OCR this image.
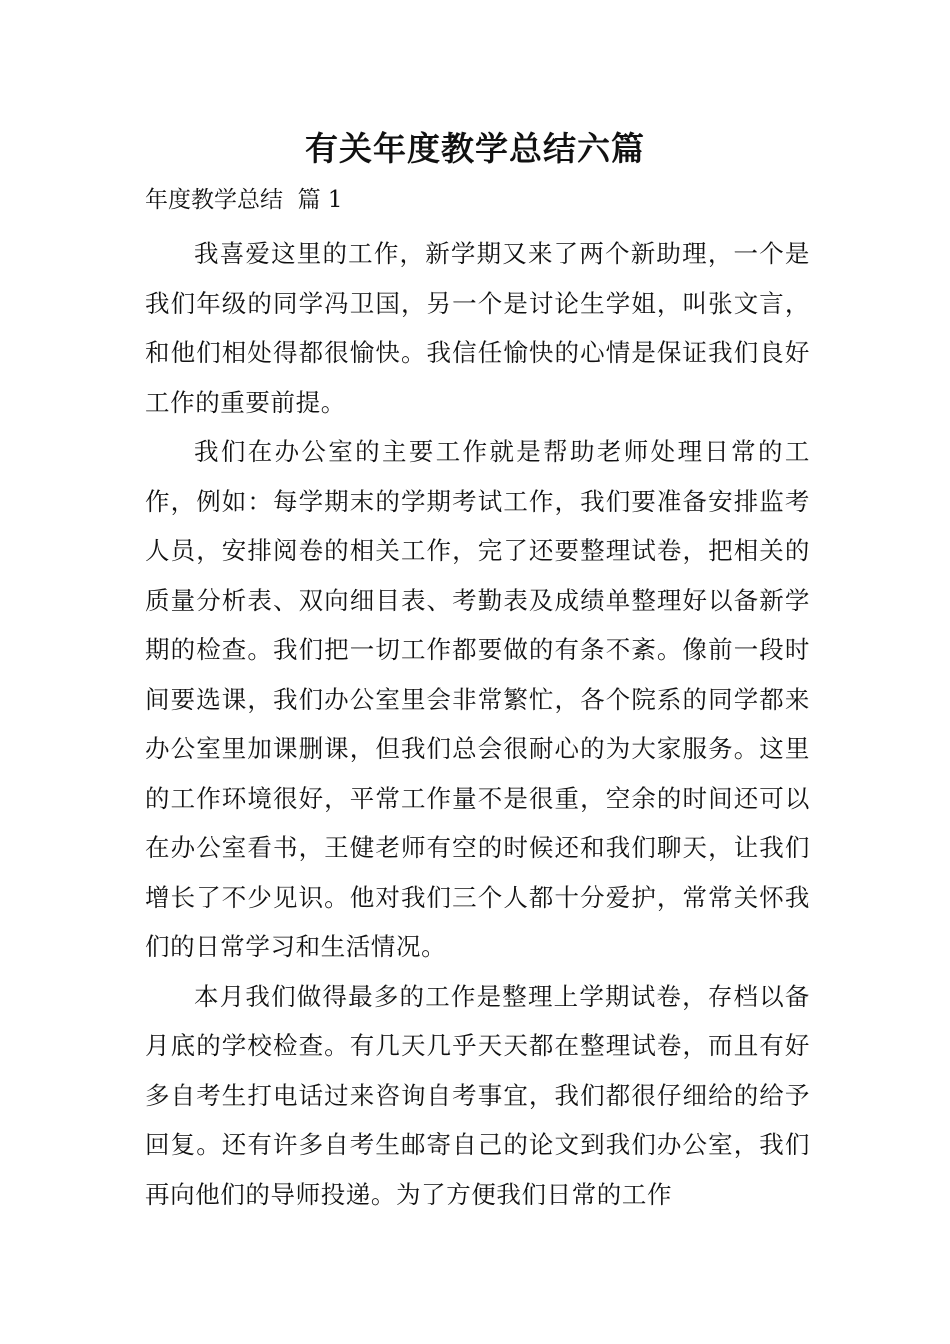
有关年度教学总结六篇
年度教学总结  篇 1

我喜爱这里的工作，新学期又来了两个新助理，一个是我们年级的同学冯卫国，另一个是讨论生学姐，叫张文言，和他们相处得都很愉快。我信任愉快的心情是保证我们良好工作的重要前提。

我们在办公室的主要工作就是帮助老师处理日常的工作，例如：每学期末的学期考试工作，我们要准备安排监考人员，安排阅卷的相关工作，完了还要整理试卷，把相关的质量分析表、双向细目表、考勤表及成绩单整理好以备新学期的检查。我们把一切工作都要做的有条不紊。像前一段时间要选课，我们办公室里会非常繁忙，各个院系的同学都来办公室里加课删课，但我们总会很耐心的为大家服务。这里的工作环境很好，平常工作量不是很重，空余的时间还可以在办公室看书，王健老师有空的时候还和我们聊天，让我们增长了不少见识。他对我们三个人都十分爱护，常常关怀我们的日常学习和生活情况。

本月我们做得最多的工作是整理上学期试卷，存档以备月底的学校检查。有几天几乎天天都在整理试卷，而且有好多自考生打电话过来咨询自考事宜，我们都很仔细给的给予回复。还有许多自考生邮寄自己的论文到我们办公室，我们再向他们的导师投递。为了方便我们日常的工作
